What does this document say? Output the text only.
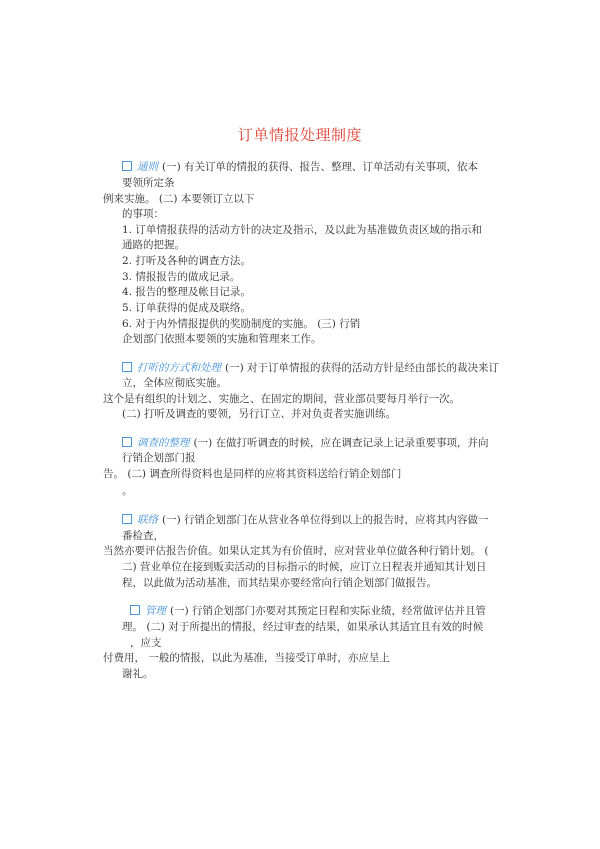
订单情报处理制度
通则 (一) 有关订单的情报的获得、报告、整理、订单活动有关事项，依本
要领所定条
例来实施。 (二) 本要领订立以下
的事项：
1. 订单情报获得的活动方针的决定及指示，及以此为基准做负责区域的指示和
通路的把握。
2. 打听及各种的调查方法。
3. 情报报告的做成记录。
4. 报告的整理及帐目记录。
5. 订单获得的促成及联络。
6. 对于内外情报提供的奖励制度的实施。 (三) 行销
企划部门依照本要领的实施和管理来工作。
打听的方式和处理 (一) 对于订单情报的获得的活动方针是经由部长的裁决来订
立，全体应彻底实施。
这个是有组织的计划之、实施之、在固定的期间，营业部员要每月举行一次。
(二) 打听及调查的要领，另行订立、并对负责者实施训练。
调查的整理 (一) 在做打听调查的时候，应在调查记录上记录重要事项，并向
行销企划部门报
告。 (二) 调查所得资料也是同样的应将其资料送给行销企划部门
。
联络 (一) 行销企划部门在从营业各单位得到以上的报告时，应将其内容做一
番检查，
当然亦要评估报告价值。如果认定其为有价值时，应对营业单位做各种行销计划。 (
二) 营业单位在接到贩卖活动的目标指示的时候，应订立日程表并通知其计划日
程，以此做为活动基准，而其结果亦要经常向行销企划部门做报告。
管理 (一) 行销企划部门亦要对其预定日程和实际业绩，经常做评估并且管
理。 (二) 对于所提出的情报，经过审查的结果，如果承认其适宜且有效的时候
，应支
付费用， 一般的情报，以此为基准，当接受订单时，亦应呈上
谢礼。
